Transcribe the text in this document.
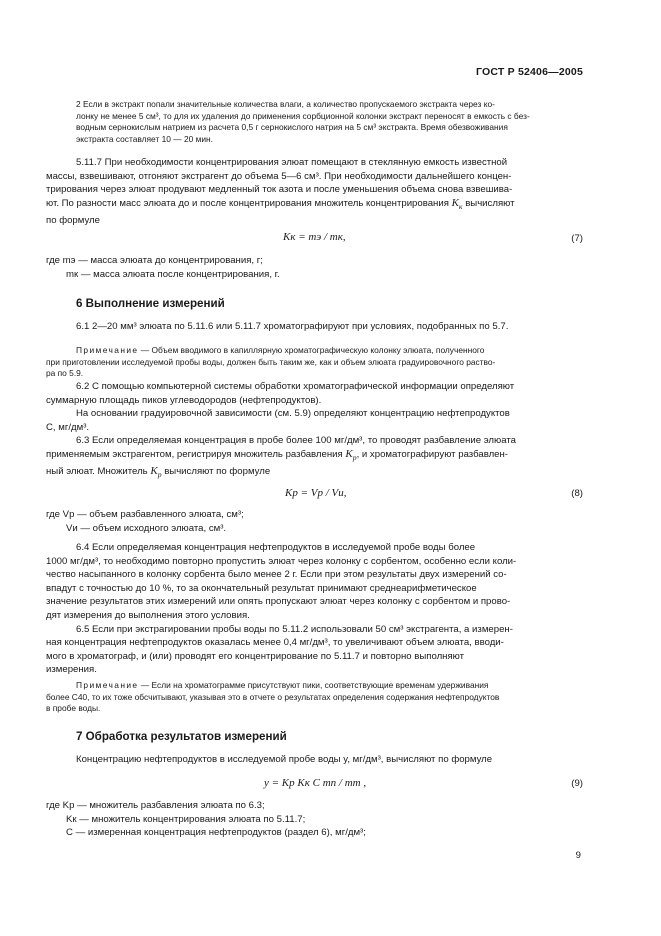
ГОСТ Р 52406—2005
2 Если в экстракт попали значительные количества влаги, а количество пропускаемого экстракта через ко-
лонку не менее 5 см³, то для их удаления до применения сорбционной колонки экстракт переносят в емкость с без-
водным сернокислым натрием из расчета 0,5 г сернокислого натрия на 5 см³ экстракта. Время обезвоживания
экстракта составляет 10 — 20 мин.
5.11.7 При необходимости концентрирования элюат помещают в стеклянную емкость известной
массы, взвешивают, отгоняют экстрагент до объема 5—6 см³. При необходимости дальнейшего концен-
трирования через элюат продувают медленный ток азота и после уменьшения объема снова взвешива-
ют. По разности масс элюата до и после концентрирования множитель концентрирования $K_к$ вычисляют
по формуле
Kк = mэ / mк,	(7)
где mэ — масса элюата до концентрирования, г;
mк — масса элюата после концентрирования, г.
6 Выполнение измерений
6.1 2—20 мм³ элюата по 5.11.6 или 5.11.7 хроматографируют при условиях, подобранных по 5.7.
Примечание — Объем вводимого в капиллярную хроматографическую колонку элюата, полученного
при приготовлении исследуемой пробы воды, должен быть таким же, как и объем элюата градуировочного раство-
ра по 5.9.
6.2 С помощью компьютерной системы обработки хроматографической информации определяют
суммарную площадь пиков углеводородов (нефтепродуктов).
На основании градуировочной зависимости (см. 5.9) определяют концентрацию нефтепродуктов
С, мг/дм³.
6.3 Если определяемая концентрация в пробе более 100 мг/дм³, то проводят разбавление элюата
применяемым экстрагентом, регистрируя множитель разбавления $K_р$, и хроматографируют разбавлен-
ный элюат. Множитель $K_р$ вычисляют по формуле
Kр = Vр / Vи,	(8)
где Vр — объем разбавленного элюата, см³;
Vи — объем исходного элюата, см³.
6.4 Если определяемая концентрация нефтепродуктов в исследуемой пробе воды более
1000 мг/дм³, то необходимо повторно пропустить элюат через колонку с сорбентом, особенно если коли-
чество насыпанного в колонку сорбента было менее 2 г. Если при этом результаты двух измерений со-
впадут с точностью до 10 %, то за окончательный результат принимают среднеарифметическое
значение результатов этих измерений или опять пропускают элюат через колонку с сорбентом и прово-
дят измерения до выполнения этого условия.
6.5 Если при экстрагировании пробы воды по 5.11.2 использовали 50 см³ экстрагента, а измерен-
ная концентрация нефтепродуктов оказалась менее 0,4 мг/дм³, то увеличивают объем элюата, вводи-
мого в хроматограф, и (или) проводят его концентрирование по 5.11.7 и повторно выполняют
измерения.
Примечание — Если на хроматограмме присутствуют пики, соответствующие временам удерживания
более С40, то их тоже обсчитывают, указывая это в отчете о результатах определения содержания нефтепродуктов
в пробе воды.
7 Обработка результатов измерений
Концентрацию нефтепродуктов в исследуемой пробе воды y, мг/дм³, вычисляют по формуле
y = Kр Kк C mп / mт ,	(9)
где Kр — множитель разбавления элюата по 6.3;
Kк — множитель концентрирования элюата по 5.11.7;
C — измеренная концентрация нефтепродуктов (раздел 6), мг/дм³;
9
